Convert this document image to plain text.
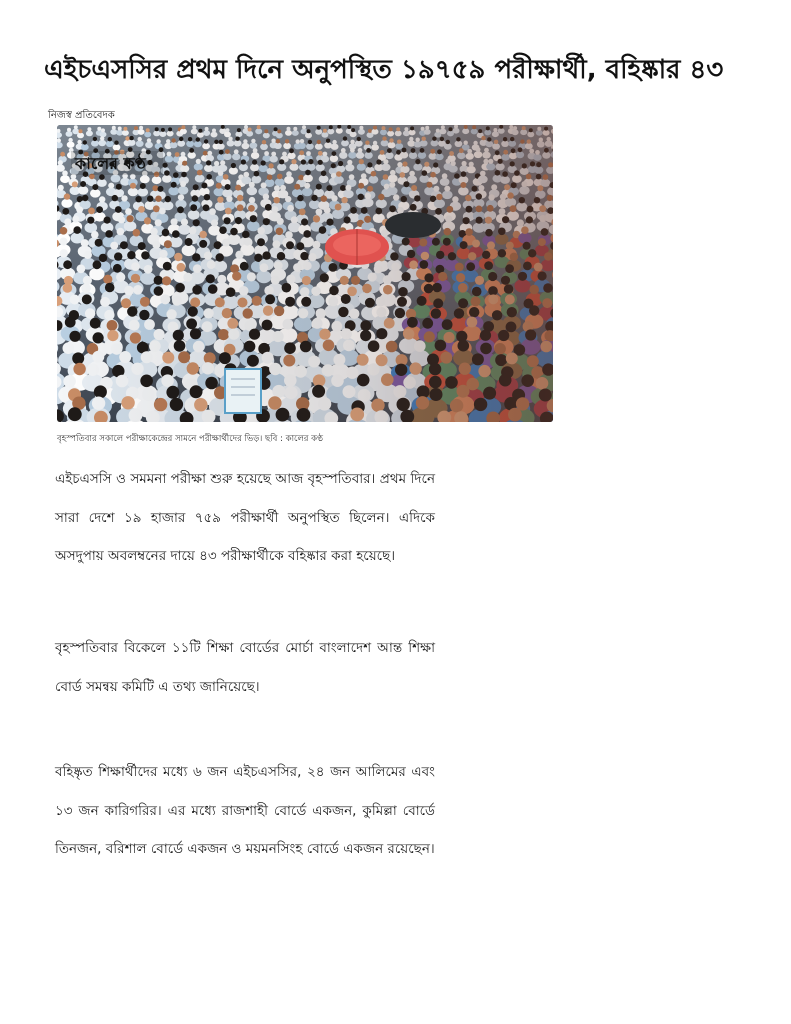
এইচএসসির প্রথম দিনে অনুপস্থিত ১৯৭৫৯ পরীক্ষার্থী, বহিষ্কার ৪৩
নিজস্ব প্রতিবেদক
কালের কণ্ঠ
বৃহস্পতিবার সকালে পরীক্ষাকেন্দ্রের সামনে পরীক্ষার্থীদের ভিড়। ছবি : কালের কণ্ঠ

এইচএসসি ও সমমনা পরীক্ষা শুরু হয়েছে আজ বৃহস্পতিবার। প্রথম দিনে সারা দেশে ১৯ হাজার ৭৫৯ পরীক্ষার্থী অনুপস্থিত ছিলেন। এদিকে অসদুপায় অবলম্বনের দায়ে ৪৩ পরীক্ষার্থীকে বহিষ্কার করা হয়েছে।

বৃহস্পতিবার বিকেলে ১১টি শিক্ষা বোর্ডের মোর্চা বাংলাদেশ আন্ত শিক্ষা বোর্ড সমন্বয় কমিটি এ তথ্য জানিয়েছে।

বহিষ্কৃত শিক্ষার্থীদের মধ্যে ৬ জন এইচএসসির, ২৪ জন আলিমের এবং ১৩ জন কারিগরির। এর মধ্যে রাজশাহী বোর্ডে একজন, কুমিল্লা বোর্ডে তিনজন, বরিশাল বোর্ডে একজন ও ময়মনসিংহ বোর্ডে একজন রয়েছেন।
